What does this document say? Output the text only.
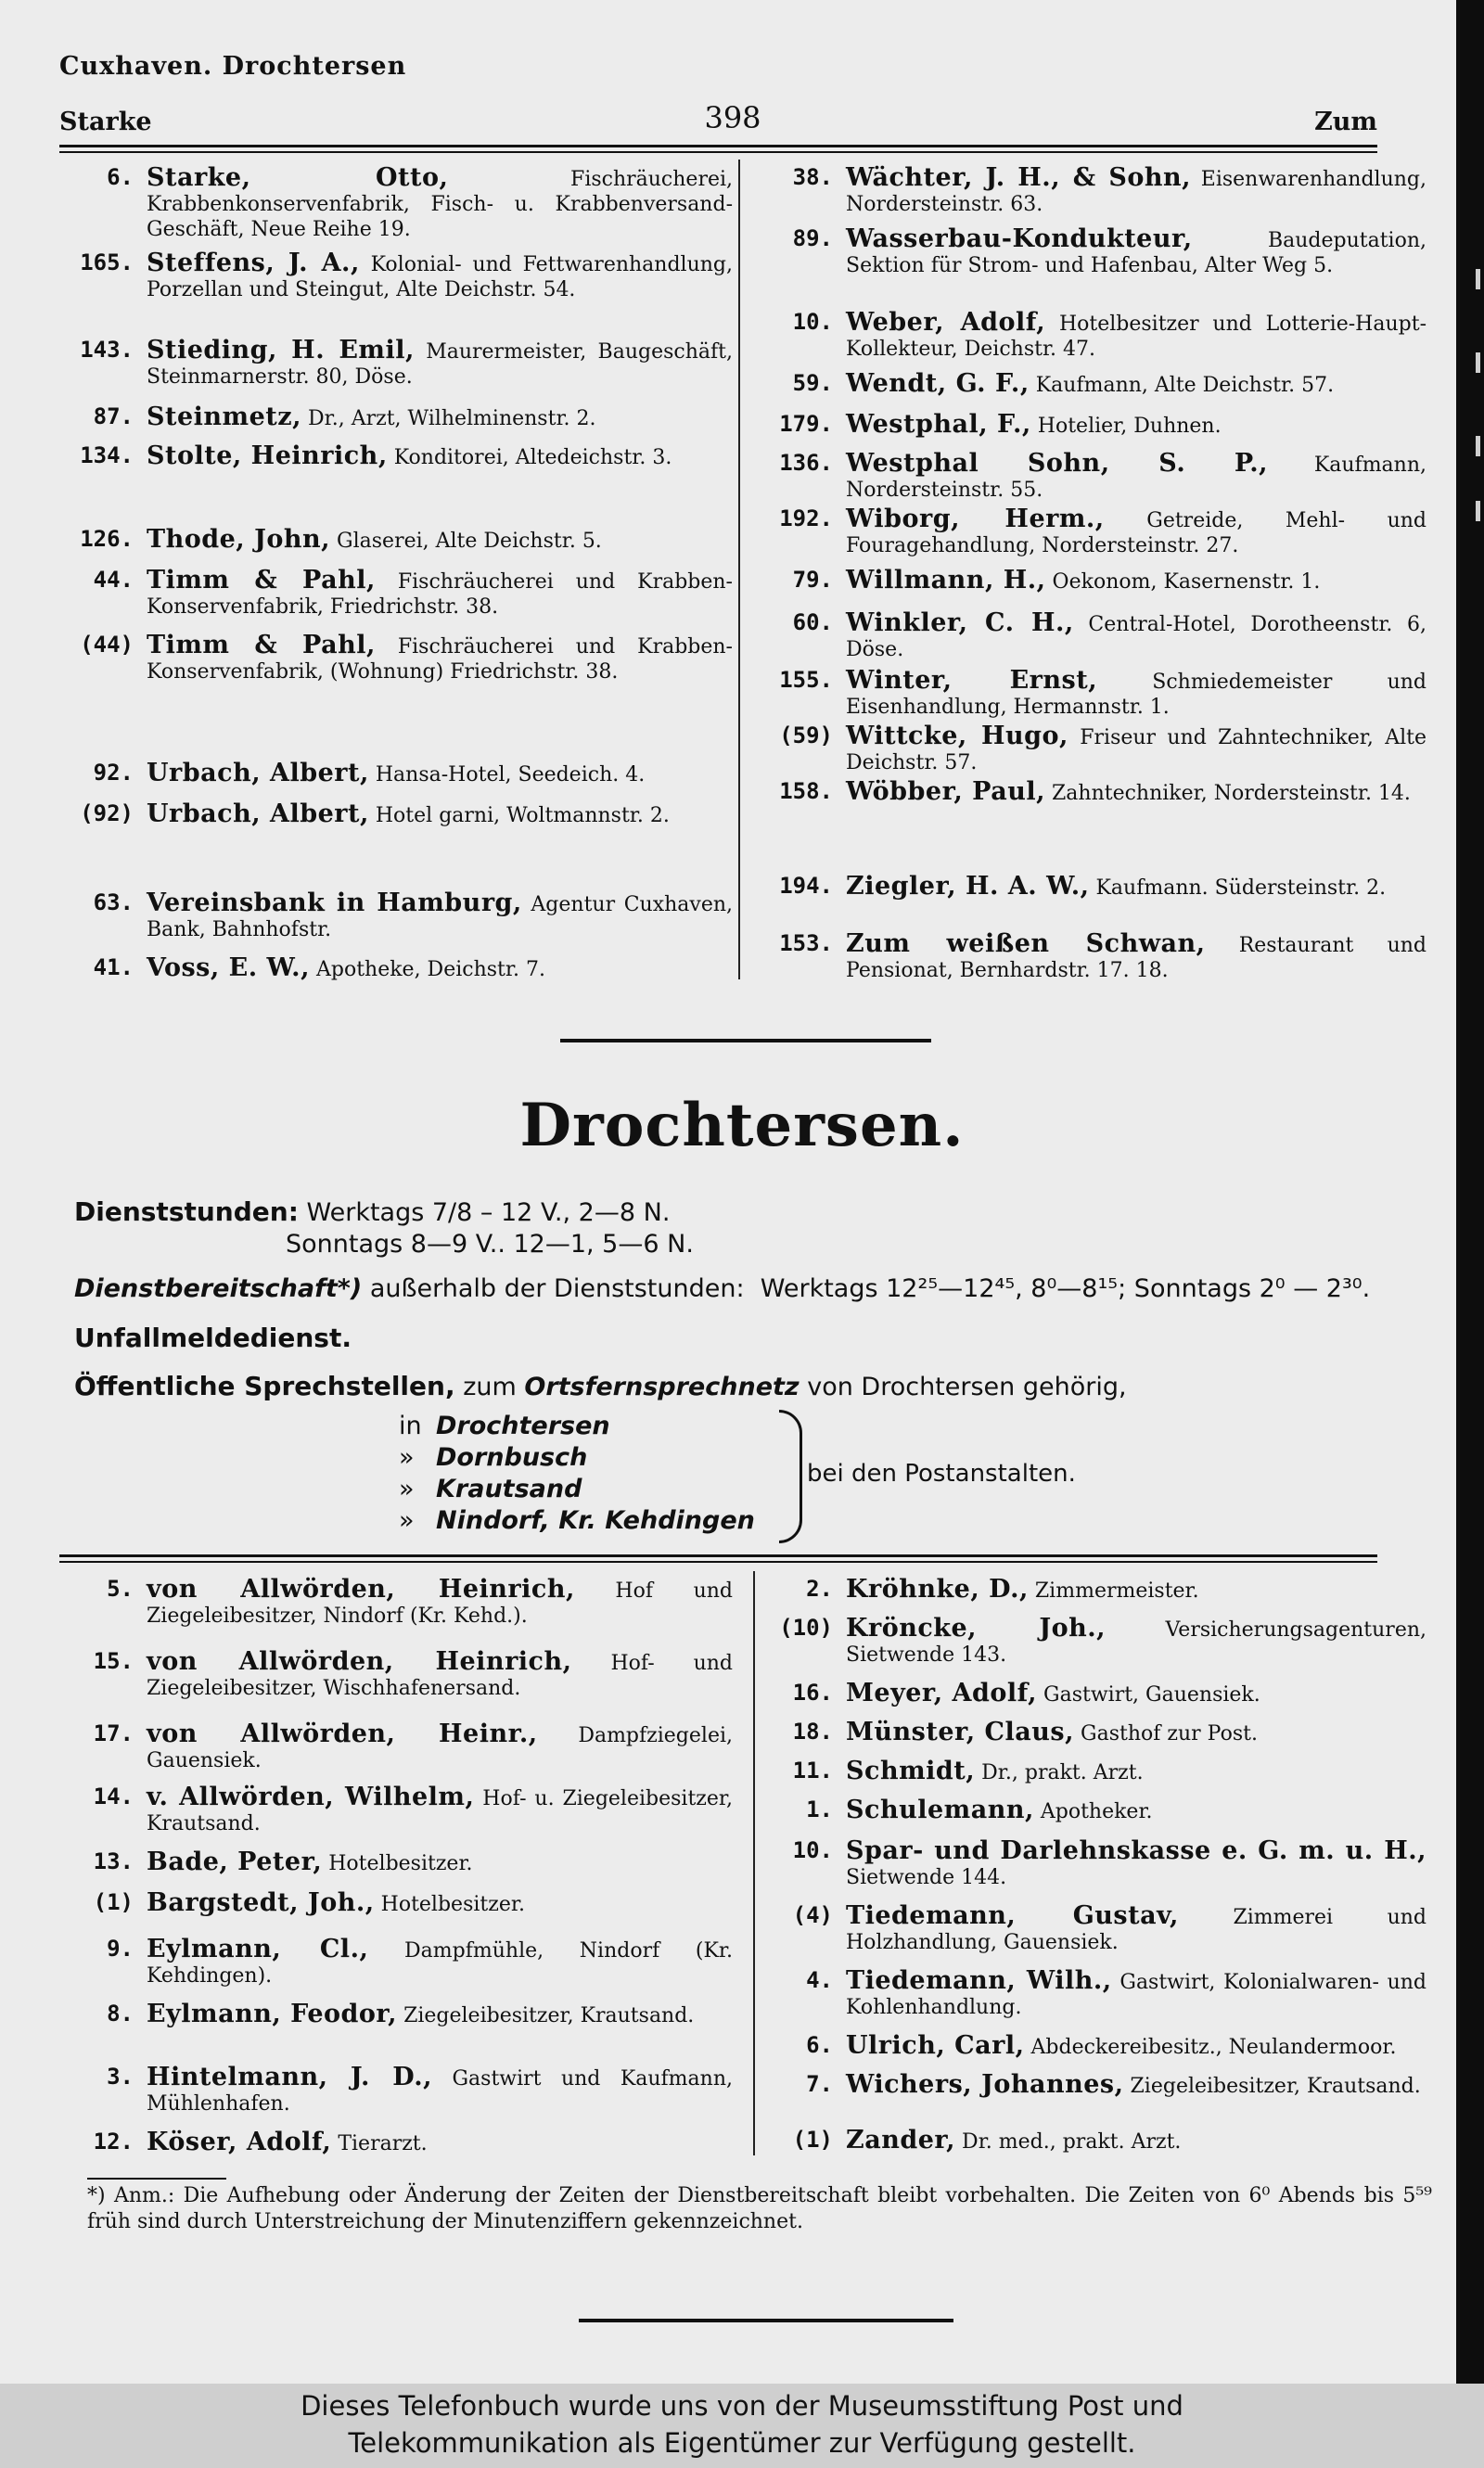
Cuxhaven. Drochtersen
Starke	398	Zum
6. Starke, Otto, Fischräucherei, Krabbenkonservenfabrik, Fisch- u. Krabbenversand-Geschäft, Neue Reihe 19.
165. Steffens, J. A., Kolonial- und Fettwarenhandlung, Porzellan und Steingut, Alte Deichstr. 54.
143. Stieding, H. Emil, Maurermeister, Baugeschäft, Steinmarnerstr. 80, Döse.
87. Steinmetz, Dr., Arzt, Wilhelminenstr. 2.
134. Stolte, Heinrich, Konditorei, Altedeichstr. 3.
126. Thode, John, Glaserei, Alte Deichstr. 5.
44. Timm & Pahl, Fischräucherei und Krabben-Konservenfabrik, Friedrichstr. 38.
(44) Timm & Pahl, Fischräucherei und Krabben-Konservenfabrik, (Wohnung) Friedrichstr. 38.
92. Urbach, Albert, Hansa-Hotel, Seedeich. 4.
(92) Urbach, Albert, Hotel garni, Woltmannstr. 2.
63. Vereinsbank in Hamburg, Agentur Cuxhaven, Bank, Bahnhofstr.
41. Voss, E. W., Apotheke, Deichstr. 7.
38. Wächter, J. H., & Sohn, Eisenwarenhandlung, Nordersteinstr. 63.
89. Wasserbau-Kondukteur, Baudeputation, Sektion für Strom- und Hafenbau, Alter Weg 5.
10. Weber, Adolf, Hotelbesitzer und Lotterie-Haupt-Kollekteur, Deichstr. 47.
59. Wendt, G. F., Kaufmann, Alte Deichstr. 57.
179. Westphal, F., Hotelier, Duhnen.
136. Westphal Sohn, S. P., Kaufmann, Nordersteinstr. 55.
192. Wiborg, Herm., Getreide, Mehl- und Fouragehandlung, Nordersteinstr. 27.
79. Willmann, H., Oekonom, Kasernenstr. 1.
60. Winkler, C. H., Central-Hotel, Dorotheenstr. 6, Döse.
155. Winter, Ernst, Schmiedemeister und Eisenhandlung, Hermannstr. 1.
(59) Wittcke, Hugo, Friseur und Zahntechniker, Alte Deichstr. 57.
158. Wöbber, Paul, Zahntechniker, Nordersteinstr. 14.
194. Ziegler, H. A. W., Kaufmann. Südersteinstr. 2.
153. Zum weißen Schwan, Restaurant und Pensionat, Bernhardstr. 17. 18.
Drochtersen.
Dienststunden: Werktags 7/8 – 12 V., 2—8 N.
Sonntags 8—9 V.. 12—1, 5—6 N.
Dienstbereitschaft*) außerhalb der Dienststunden: Werktags 12²⁵—12⁴⁵, 8⁰—8¹⁵; Sonntags 2⁰ — 2³⁰.
Unfallmeldedienst.
Öffentliche Sprechstellen, zum Ortsfernsprechnetz von Drochtersen gehörig,
in Drochtersen
» Dornbusch
» Krautsand
» Nindorf, Kr. Kehdingen
bei den Postanstalten.
5. von Allwörden, Heinrich, Hof und Ziegeleibesitzer, Nindorf (Kr. Kehd.).
15. von Allwörden, Heinrich, Hof- und Ziegeleibesitzer, Wischhafenersand.
17. von Allwörden, Heinr., Dampfziegelei, Gauensiek.
14. v. Allwörden, Wilhelm, Hof- u. Ziegeleibesitzer, Krautsand.
13. Bade, Peter, Hotelbesitzer.
(1) Bargstedt, Joh., Hotelbesitzer.
9. Eylmann, Cl., Dampfmühle, Nindorf (Kr. Kehdingen).
8. Eylmann, Feodor, Ziegeleibesitzer, Krautsand.
3. Hintelmann, J. D., Gastwirt und Kaufmann, Mühlenhafen.
12. Köser, Adolf, Tierarzt.
2. Kröhnke, D., Zimmermeister.
(10) Kröncke, Joh., Versicherungsagenturen, Sietwende 143.
16. Meyer, Adolf, Gastwirt, Gauensiek.
18. Münster, Claus, Gasthof zur Post.
11. Schmidt, Dr., prakt. Arzt.
1. Schulemann, Apotheker.
10. Spar- und Darlehnskasse e. G. m. u. H., Sietwende 144.
(4) Tiedemann, Gustav, Zimmerei und Holzhandlung, Gauensiek.
4. Tiedemann, Wilh., Gastwirt, Kolonialwaren- und Kohlenhandlung.
6. Ulrich, Carl, Abdeckereibesitz., Neulandermoor.
7. Wichers, Johannes, Ziegeleibesitzer, Krautsand.
(1) Zander, Dr. med., prakt. Arzt.
*) Anm.: Die Aufhebung oder Änderung der Zeiten der Dienstbereitschaft bleibt vorbehalten. Die Zeiten von 6⁰ Abends bis 5⁵⁹ früh sind durch Unterstreichung der Minutenziffern gekennzeichnet.
Dieses Telefonbuch wurde uns von der Museumsstiftung Post und
Telekommunikation als Eigentümer zur Verfügung gestellt.
